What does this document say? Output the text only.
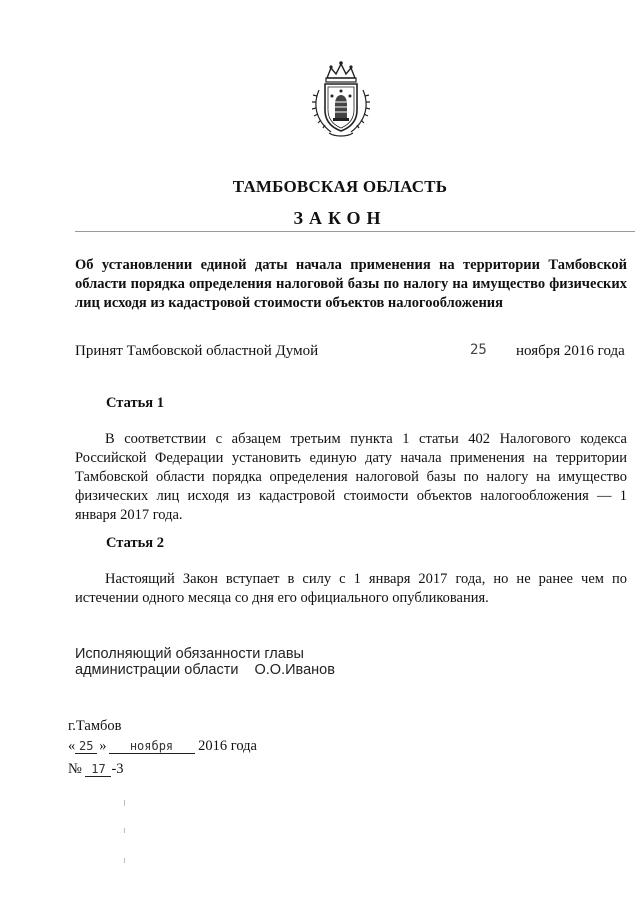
ТАМБОВСКАЯ ОБЛАСТЬ
ЗАКОН
Об установлении единой даты начала применения на территории Тамбовской области порядка определения налоговой базы по налогу на имущество физических лиц исходя из кадастровой стоимости объектов налогообложения
Принят Тамбовской областной Думой	25 ноября 2016 года
Статья 1

В соответствии с абзацем третьим пункта 1 статьи 402 Налогового кодекса Российской Федерации установить единую дату начала применения на территории Тамбовской области порядка определения налоговой базы по налогу на имущество физических лиц исходя из кадастровой стоимости объектов налогообложения — 1 января 2017 года.

Статья 2

Настоящий Закон вступает в силу с 1 января 2017 года, но не ранее чем по истечении одного месяца со дня его официального опубликования.

Исполняющий обязанности главы
администрации области О.О.Иванов
г.Тамбов
« 25 » ноября 2016 года
№ 17 -3
